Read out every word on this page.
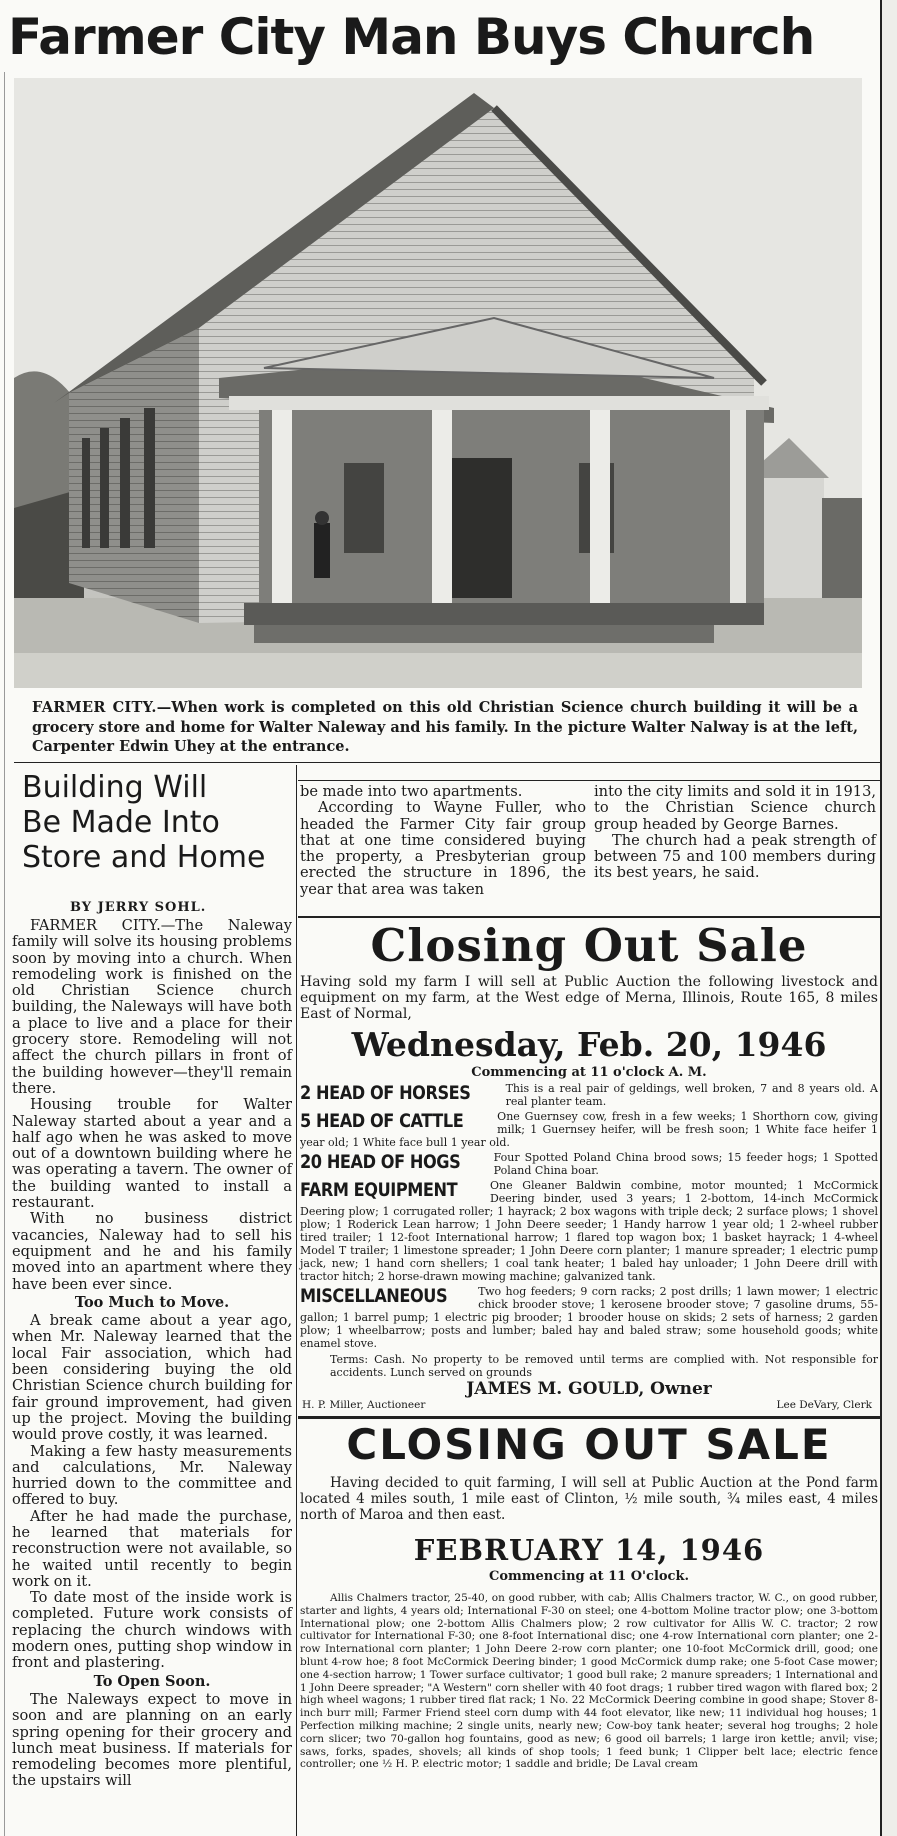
Farmer City Man Buys Church
FARMER CITY.—When work is completed on this old Christian Science church building it will be a grocery store and home for Walter Naleway and his family. In the picture Walter Nalway is at the left, Carpenter Edwin Uhey at the entrance.
Building Will
Be Made Into
Store and Home
BY JERRY SOHL.

FARMER CITY.—The Naleway family will solve its housing problems soon by moving into a church. When remodeling work is finished on the old Christian Science church building, the Naleways will have both a place to live and a place for their grocery store. Remodeling will not affect the church pillars in front of the building however—they'll remain there.

Housing trouble for Walter Naleway started about a year and a half ago when he was asked to move out of a downtown building where he was operating a tavern. The owner of the building wanted to install a restaurant.

With no business district vacancies, Naleway had to sell his equipment and he and his family moved into an apartment where they have been ever since.

Too Much to Move.

A break came about a year ago, when Mr. Naleway learned that the local Fair association, which had been considering buying the old Christian Science church building for fair ground improvement, had given up the project. Moving the building would prove costly, it was learned.

Making a few hasty measurements and calculations, Mr. Naleway hurried down to the committee and offered to buy.

After he had made the purchase, he learned that materials for reconstruction were not available, so he waited until recently to begin work on it.

To date most of the inside work is completed. Future work consists of replacing the church windows with modern ones, putting shop window in front and plastering.

To Open Soon.

The Naleways expect to move in soon and are planning on an early spring opening for their grocery and lunch meat business. If materials for remodeling becomes more plentiful, the upstairs will

be made into two apartments.

According to Wayne Fuller, who headed the Farmer City fair group that at one time considered buying the property, a Presbyterian group erected the structure in 1896, the year that area was taken

into the city limits and sold it in 1913, to the Christian Science church group headed by George Barnes.

The church had a peak strength of between 75 and 100 members during its best years, he said.

Closing Out Sale
Having sold my farm I will sell at Public Auction the following livestock and equipment on my farm, at the West edge of Merna, Illinois, Route 165, 8 miles East of Normal,
Wednesday, Feb. 20, 1946
Commencing at 11 o'clock A. M.
2 HEAD OF HORSES	This is a real pair of geldings, well broken, 7 and 8 years old. A real planter team.
5 HEAD OF CATTLE	One Guernsey cow, fresh in a few weeks; 1 Shorthorn cow, giving milk; 1 Guernsey heifer, will be fresh soon; 1 White face heifer 1 year old; 1 White face bull 1 year old.
20 HEAD OF HOGS	Four Spotted Poland China brood sows; 15 feeder hogs; 1 Spotted Poland China boar.
FARM EQUIPMENT	One Gleaner Baldwin combine, motor mounted; 1 McCormick Deering binder, used 3 years; 1 2-bottom, 14-inch McCormick Deering plow; 1 corrugated roller; 1 hayrack; 2 box wagons with triple deck; 2 surface plows; 1 shovel plow; 1 Roderick Lean harrow; 1 John Deere seeder; 1 Handy harrow 1 year old; 1 2-wheel rubber tired trailer; 1 12-foot International harrow; 1 flared top wagon box; 1 basket hayrack; 1 4-wheel Model T trailer; 1 limestone spreader; 1 John Deere corn planter; 1 manure spreader; 1 electric pump jack, new; 1 hand corn shellers; 1 coal tank heater; 1 baled hay unloader; 1 John Deere drill with tractor hitch; 2 horse-drawn mowing machine; galvanized tank.
MISCELLANEOUS	Two hog feeders; 9 corn racks; 2 post drills; 1 lawn mower; 1 electric chick brooder stove; 1 kerosene brooder stove; 7 gasoline drums, 55-gallon; 1 barrel pump; 1 electric pig brooder; 1 brooder house on skids; 2 sets of harness; 2 garden plow; 1 wheelbarrow; posts and lumber; baled hay and baled straw; some household goods; white enamel stove.
Terms: Cash. No property to be removed until terms are complied with. Not responsible for accidents. Lunch served on grounds
JAMES M. GOULD, Owner
H. P. Miller, Auctioneer	Lee DeVary, Clerk
CLOSING OUT SALE
Having decided to quit farming, I will sell at Public Auction at the Pond farm located 4 miles south, 1 mile east of Clinton, ½ mile south, ¾ miles east, 4 miles north of Maroa and then east.
FEBRUARY 14, 1946
Commencing at 11 O'clock.
Allis Chalmers tractor, 25-40, on good rubber, with cab; Allis Chalmers tractor, W. C., on good rubber, starter and lights, 4 years old; International F-30 on steel; one 4-bottom Moline tractor plow; one 3-bottom International plow; one 2-bottom Allis Chalmers plow; 2 row cultivator for Allis W. C. tractor; 2 row cultivator for International F-30; one 8-foot International disc; one 4-row International corn planter; one 2-row International corn planter; 1 John Deere 2-row corn planter; one 10-foot McCormick drill, good; one blunt 4-row hoe; 8 foot McCormick Deering binder; 1 good McCormick dump rake; one 5-foot Case mower; one 4-section harrow; 1 Tower surface cultivator; 1 good bull rake; 2 manure spreaders; 1 International and 1 John Deere spreader; "A Western" corn sheller with 40 foot drags; 1 rubber tired wagon with flared box; 2 high wheel wagons; 1 rubber tired flat rack; 1 No. 22 McCormick Deering combine in good shape; Stover 8-inch burr mill; Farmer Friend steel corn dump with 44 foot elevator, like new; 11 individual hog houses; 1 Perfection milking machine; 2 single units, nearly new; Cow-boy tank heater; several hog troughs; 2 hole corn slicer; two 70-gallon hog fountains, good as new; 6 good oil barrels; 1 large iron kettle; anvil; vise; saws, forks, spades, shovels; all kinds of shop tools; 1 feed bunk; 1 Clipper belt lace; electric fence controller; one ½ H. P. electric motor; 1 saddle and bridle; De Laval cream
